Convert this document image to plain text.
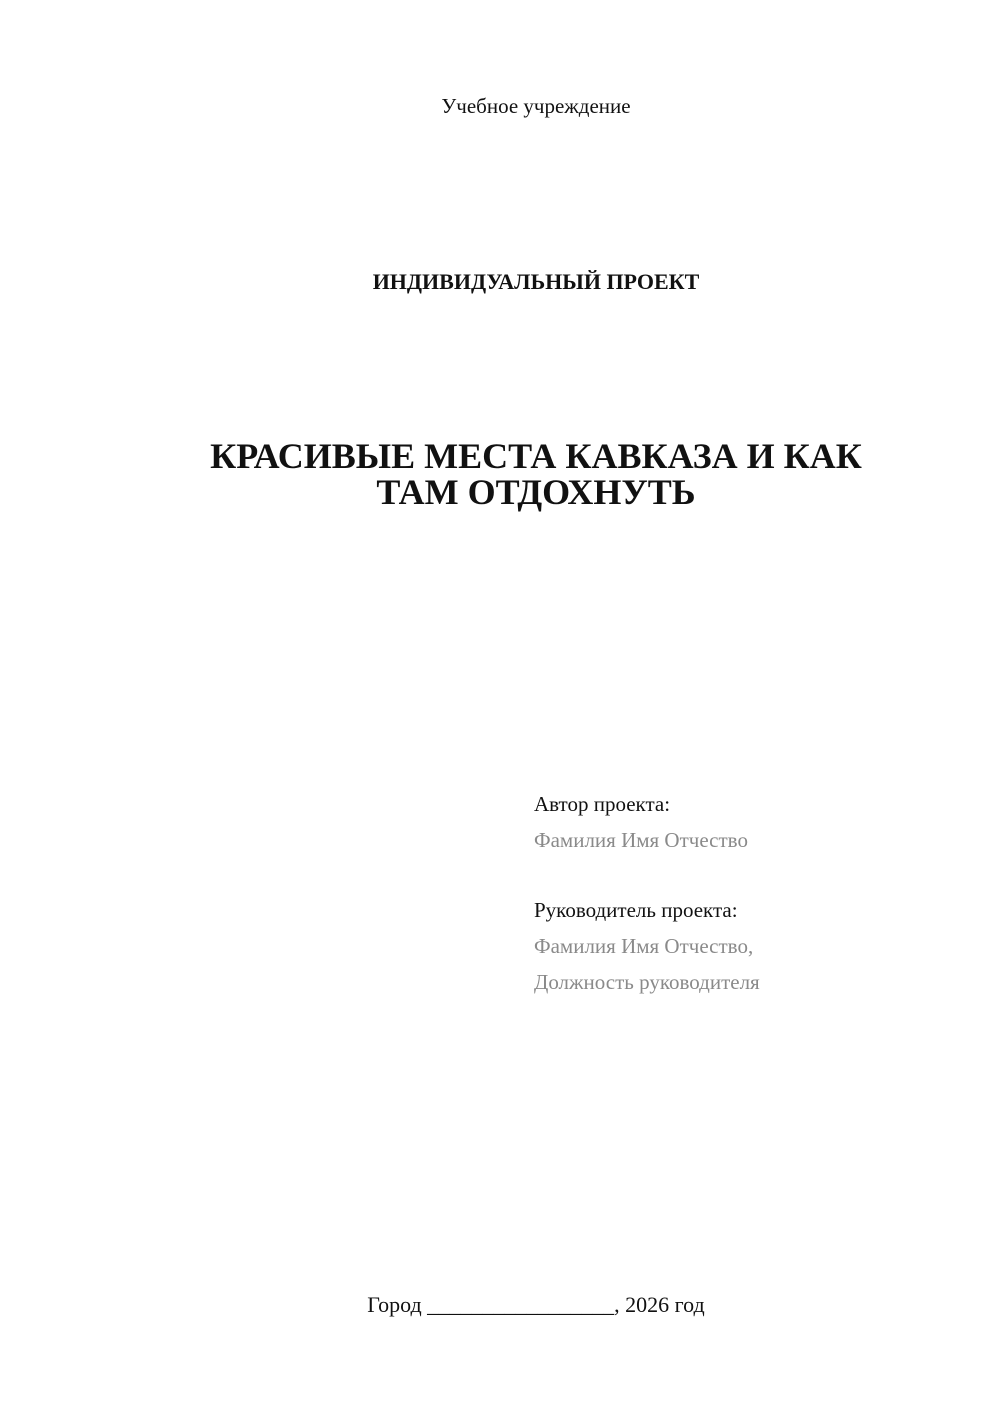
Учебное учреждение
ИНДИВИДУАЛЬНЫЙ ПРОЕКТ
КРАСИВЫЕ МЕСТА КАВКАЗА И КАК
ТАМ ОТДОХНУТЬ
Автор проекта:
Фамилия Имя Отчество
Руководитель проекта:
Фамилия Имя Отчество,
Должность руководителя
Город _________________, 2026 год
